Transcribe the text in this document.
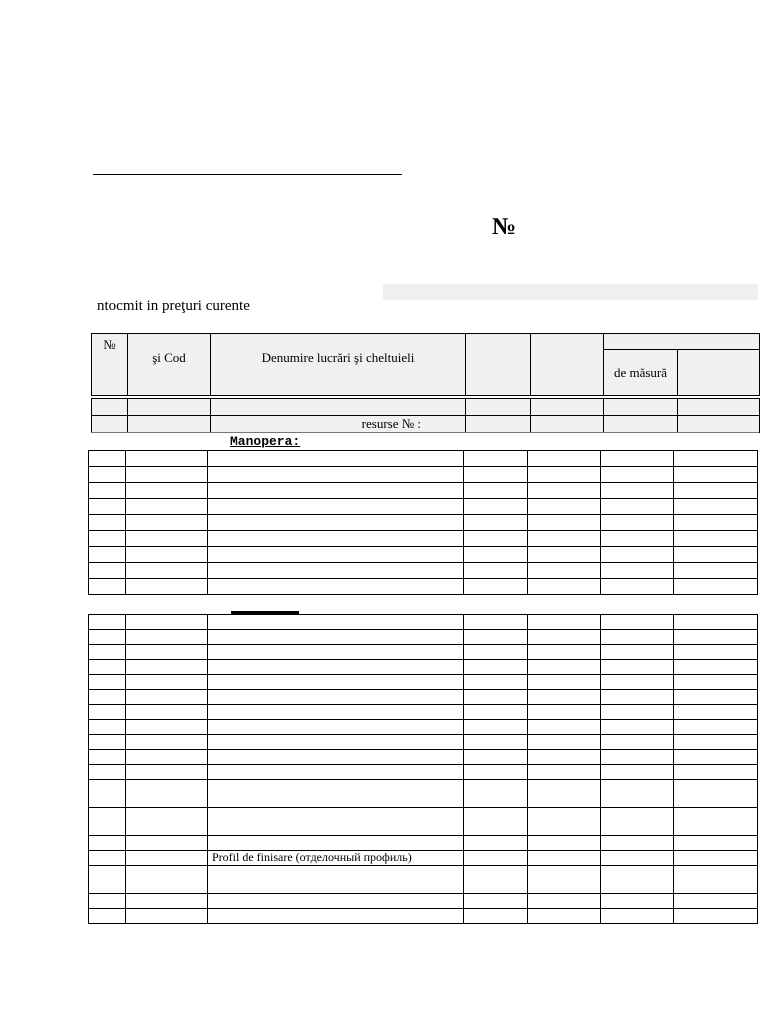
№
ntocmit in preţuri curente
№	şi Cod	Denumire lucrări şi cheltuieli				
					de măsură	

		resurse № :				
Manopera:

		Profil de finisare (отделочный профиль)				
